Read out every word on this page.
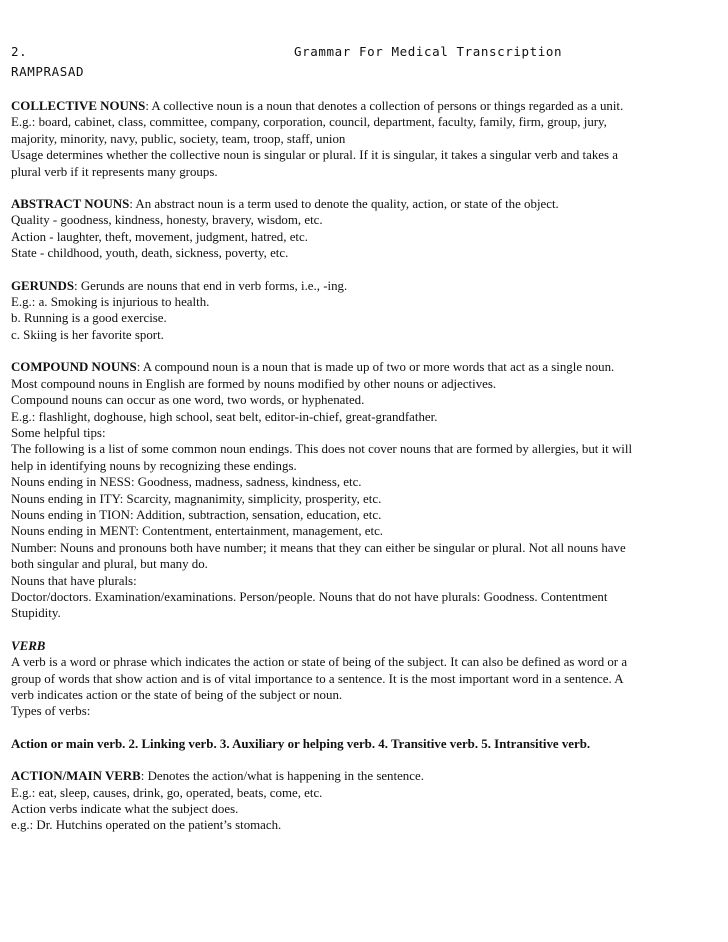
2.	Grammar For Medical Transcription
RAMPRASAD

COLLECTIVE NOUNS: A collective noun is a noun that denotes a collection of persons or things regarded as a unit.

E.g.: board, cabinet, class, committee, company, corporation, council, department, faculty, family, firm, group, jury,

majority, minority, navy, public, society, team, troop, staff, union

Usage determines whether the collective noun is singular or plural. If it is singular, it takes a singular verb and takes a

plural verb if it represents many groups.

ABSTRACT NOUNS: An abstract noun is a term used to denote the quality, action, or state of the object.

Quality - goodness, kindness, honesty, bravery, wisdom, etc.

Action - laughter, theft, movement, judgment, hatred, etc.

State - childhood, youth, death, sickness, poverty, etc.

GERUNDS: Gerunds are nouns that end in verb forms, i.e., -ing.

E.g.: a. Smoking is injurious to health.

b. Running is a good exercise.

c. Skiing is her favorite sport.

COMPOUND NOUNS: A compound noun is a noun that is made up of two or more words that act as a single noun.

Most compound nouns in English are formed by nouns modified by other nouns or adjectives.

Compound nouns can occur as one word, two words, or hyphenated.

E.g.: flashlight, doghouse, high school, seat belt, editor-in-chief, great-grandfather.

Some helpful tips:

The following is a list of some common noun endings. This does not cover nouns that are formed by allergies, but it will

help in identifying nouns by recognizing these endings.

Nouns ending in NESS: Goodness, madness, sadness, kindness, etc.

Nouns ending in ITY: Scarcity, magnanimity, simplicity, prosperity, etc.

Nouns ending in TION: Addition, subtraction, sensation, education, etc.

Nouns ending in MENT: Contentment, entertainment, management, etc.

Number: Nouns and pronouns both have number; it means that they can either be singular or plural. Not all nouns have

both singular and plural, but many do.

Nouns that have plurals:

Doctor/doctors. Examination/examinations. Person/people. Nouns that do not have plurals: Goodness. Contentment

Stupidity.

VERB

A verb is a word or phrase which indicates the action or state of being of the subject. It can also be defined as word or a

group of words that show action and is of vital importance to a sentence. It is the most important word in a sentence. A

verb indicates action or the state of being of the subject or noun.

Types of verbs:

Action or main verb. 2. Linking verb. 3. Auxiliary or helping verb. 4. Transitive verb. 5. Intransitive verb.

ACTION/MAIN VERB: Denotes the action/what is happening in the sentence.

E.g.: eat, sleep, causes, drink, go, operated, beats, come, etc.

Action verbs indicate what the subject does.

e.g.: Dr. Hutchins operated on the patient’s stomach.
